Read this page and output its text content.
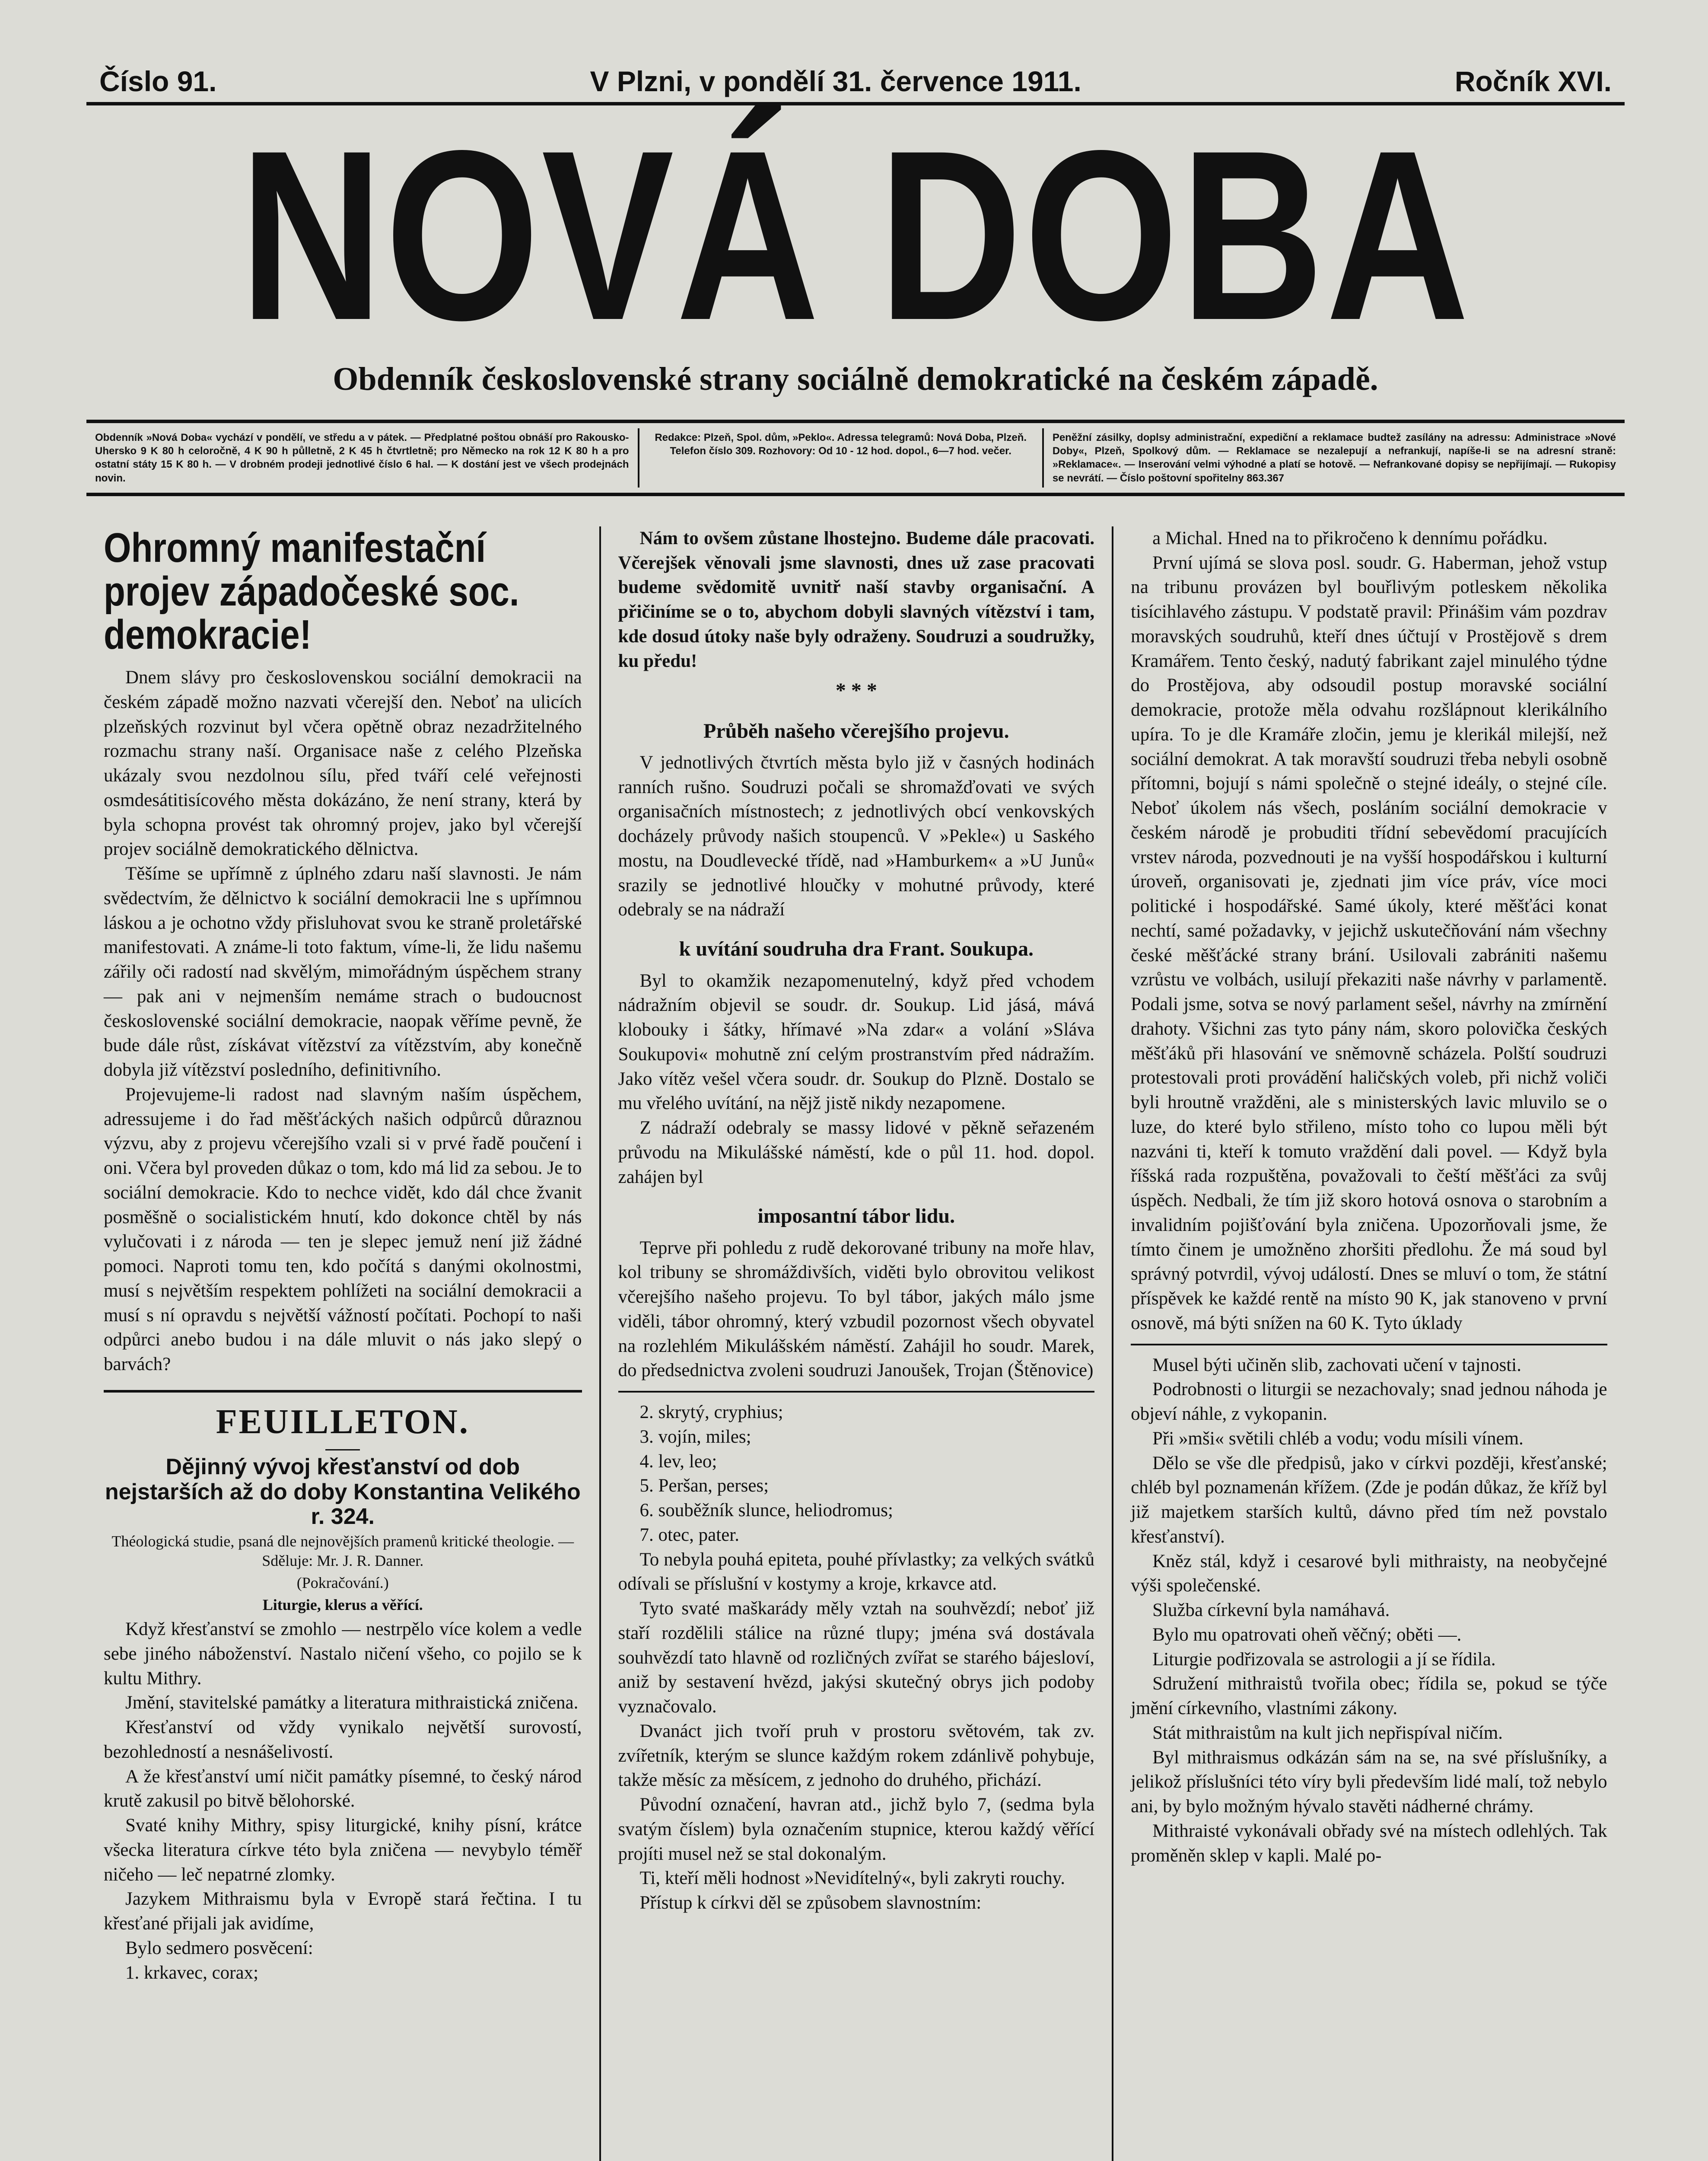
Číslo 91.	V Plzni, v pondělí 31. července 1911.	Ročník XVI.
NOVÁ DOBA
Obdenník československé strany sociálně demokratické na českém západě.
Obdenník »Nová Doba« vychází v pondělí, ve středu a v pátek. — Předplatné poštou obnáší pro Rakousko-Uhersko 9 K 80 h celoročně, 4 K 90 h půlletně, 2 K 45 h čtvrtletně; pro Německo na rok 12 K 80 h a pro ostatní státy 15 K 80 h. — V drobném prodeji jednotlivé číslo 6 hal. — K dostání jest ve všech prodejnách novin.
Redakce: Plzeň, Spol. dům, »Peklo«. Adressa telegramů: Nová Doba, Plzeň. Telefon číslo 309. Rozhovory: Od 10 - 12 hod. dopol., 6—7 hod. večer.
Peněžní zásilky, doplsy administrační, expediční a reklamace budtež zasílány na adressu: Administrace »Nové Doby«, Plzeň, Spolkový dům. — Reklamace se nezalepují a nefrankují, napíše-li se na adresní straně: »Reklamace«. — Inserování velmi výhodné a platí se hotově. — Nefrankované dopisy se nepřijímají. — Rukopisy se nevrátí. — Číslo poštovní spořitelny 863.367
Ohromný manifestační projev západočeské soc. demokracie!

Dnem slávy pro československou sociální demokracii na českém západě možno nazvati včerejší den. Neboť na ulicích plzeňských rozvinut byl včera opětně obraz nezadržitelného rozmachu strany naší. Organisace naše z celého Plzeňska ukázaly svou nezdolnou sílu, před tváří celé veřejnosti osmdesátitisícového města dokázáno, že není strany, která by byla schopna provést tak ohromný projev, jako byl včerejší projev sociálně demokratického dělnictva.

Těšíme se upřímně z úplného zdaru naší slavnosti. Je nám svědectvím, že dělnictvo k sociální demokracii lne s upřímnou láskou a je ochotno vždy přisluhovat svou ke straně proletářské manifestovati. A známe-li toto faktum, víme-li, že lidu našemu zářily oči radostí nad skvělým, mimořádným úspěchem strany — pak ani v nejmenším nemáme strach o budoucnost československé sociální demokracie, naopak věříme pevně, že bude dále růst, získávat vítězství za vítězstvím, aby konečně dobyla již vítězství posledního, definitivního.

Projevujeme-li radost nad slavným naším úspěchem, adressujeme i do řad měšťáckých našich odpůrců důraznou výzvu, aby z projevu včerejšího vzali si v prvé řadě poučení i oni. Včera byl proveden důkaz o tom, kdo má lid za sebou. Je to sociální demokracie. Kdo to nechce vidět, kdo dál chce žvanit posměšně o socialistickém hnutí, kdo dokonce chtěl by nás vylučovati i z národa — ten je slepec jemuž není již žádné pomoci. Naproti tomu ten, kdo počítá s danými okolnostmi, musí s největším respektem pohlížeti na sociální demokracii a musí s ní opravdu s největší vážností počítati. Pochopí to naši odpůrci anebo budou i na dále mluvit o nás jako slepý o barvách?

FEUILLETON.
Dějinný vývoj křesťanství od dob nejstarších až do doby Konstantina Velikého r. 324.
Théologická studie, psaná dle nejnovějších pramenů kritické theologie. — Sděluje: Mr. J. R. Danner.
(Pokračování.)
Liturgie, klerus a věřící.

Když křesťanství se zmohlo — nestrpělo více kolem a vedle sebe jiného náboženství. Nastalo ničení všeho, co pojilo se k kultu Mithry.

Jmění, stavitelské památky a literatura mithraistická zničena.

Křesťanství od vždy vynikalo největší surovostí, bezohledností a nesnášelivostí.

A že křesťanství umí ničit památky písemné, to český národ krutě zakusil po bitvě bělohorské.

Svaté knihy Mithry, spisy liturgické, knihy písní, krátce všecka literatura církve této byla zničena — nevybylo téměř ničeho — leč nepatrné zlomky.

Jazykem Mithraismu byla v Evropě stará řečtina. I tu křesťané přijali jak avidíme,

Bylo sedmero posvěcení:

1. krkavec, corax;

Nám to ovšem zůstane lhostejno. Budeme dále pracovati. Včerejšek věnovali jsme slavnosti, dnes už zase pracovati budeme svědomitě uvnitř naší stavby organisační. A přičiníme se o to, abychom dobyli slavných vítězství i tam, kde dosud útoky naše byly odraženy. Soudruzi a soudružky, ku předu!

* * *
Průběh našeho včerejšího projevu.

V jednotlivých čtvrtích města bylo již v časných hodinách ranních rušno. Soudruzi počali se shromažďovati ve svých organisačních místnostech; z jednotlivých obcí venkovských docházely průvody našich stoupenců. V »Pekle«) u Saského mostu, na Doudlevecké třídě, nad »Hamburkem« a »U Junů« srazily se jednotlivé hloučky v mohutné průvody, které odebraly se na nádraží

k uvítání soudruha dra Frant. Soukupa.

Byl to okamžik nezapomenutelný, když před vchodem nádražním objevil se soudr. dr. Soukup. Lid jásá, mává klobouky i šátky, hřímavé »Na zdar« a volání »Sláva Soukupovi« mohutně zní celým prostranstvím před nádražím. Jako vítěz vešel včera soudr. dr. Soukup do Plzně. Dostalo se mu vřelého uvítání, na nějž jistě nikdy nezapomene.

Z nádraží odebraly se massy lidové v pěkně seřazeném průvodu na Mikulášské náměstí, kde o půl 11. hod. dopol. zahájen byl

imposantní tábor lidu.

Teprve při pohledu z rudě dekorované tribuny na moře hlav, kol tribuny se shromáždivších, viděti bylo obrovitou velikost včerejšího našeho projevu. To byl tábor, jakých málo jsme viděli, tábor ohromný, který vzbudil pozornost všech obyvatel na rozlehlém Mikulášském náměstí. Zahájil ho soudr. Marek, do předsednictva zvoleni soudruzi Janoušek, Trojan (Štěnovice)

2. skrytý, cryphius;
3. vojín, miles;
4. lev, leo;
5. Peršan, perses;
6. souběžník slunce, heliodromus;
7. otec, pater.

To nebyla pouhá epiteta, pouhé přívlastky; za velkých svátků odívali se příslušní v kostymy a kroje, krkavce atd.

Tyto svaté maškarády měly vztah na souhvězdí; neboť již staří rozdělili stálice na různé tlupy; jména svá dostávala souhvězdí tato hlavně od rozličných zvířat se starého bájesloví, aniž by sestavení hvězd, jakýsi skutečný obrys jich podoby vyznačovalo.

Dvanáct jich tvoří pruh v prostoru světovém, tak zv. zvířetník, kterým se slunce každým rokem zdánlivě pohybuje, takže měsíc za měsícem, z jednoho do druhého, přichází.

Původní označení, havran atd., jichž bylo 7, (sedma byla svatým číslem) byla označením stupnice, kterou každý věřící projíti musel než se stal dokonalým.

Ti, kteří měli hodnost »Nevidítelný«, byli zakryti rouchy.

Přístup k církvi děl se způsobem slavnostním:

a Michal. Hned na to přikročeno k dennímu pořádku.

První ujímá se slova posl. soudr. G. Haberman, jehož vstup na tribunu provázen byl bouřlivým potleskem několika tisícihlavého zástupu. V podstatě pravil: Přinášim vám pozdrav moravských soudruhů, kteří dnes účtují v Prostějově s drem Kramářem. Tento český, nadutý fabrikant zajel minulého týdne do Prostějova, aby odsoudil postup moravské sociální demokracie, protože měla odvahu rozšlápnout klerikálního upíra. To je dle Kramáře zločin, jemu je klerikál milejší, než sociální demokrat. A tak moravští soudruzi třeba nebyli osobně přítomni, bojují s námi společně o stejné ideály, o stejné cíle. Neboť úkolem nás všech, posláním sociální demokracie v českém národě je probuditi třídní sebevědomí pracujících vrstev národa, pozvednouti je na vyšší hospodářskou i kulturní úroveň, organisovati je, zjednati jim více práv, více moci politické i hospodářské. Samé úkoly, které měšťáci konat nechtí, samé požadavky, v jejichž uskutečňování nám všechny české měšťácké strany brání. Usilovali zabrániti našemu vzrůstu ve volbách, usilují překaziti naše návrhy v parlamentě. Podali jsme, sotva se nový parlament sešel, návrhy na zmírnění drahoty. Všichni zas tyto pány nám, skoro polovička českých měšťáků při hlasování ve sněmovně scházela. Polští soudruzi protestovali proti provádění haličských voleb, při nichž voliči byli hroutně vražděni, ale s ministerských lavic mluvilo se o luze, do které bylo střileno, místo toho co lupou měli být nazváni ti, kteří k tomuto vraždění dali povel. — Když byla říšská rada rozpuštěna, považovali to čeští měšťáci za svůj úspěch. Nedbali, že tím již skoro hotová osnova o starobním a invalidním pojišťování byla zničena. Upozorňovali jsme, že tímto činem je umožněno zhoršiti předlohu. Že má soud byl správný potvrdil, vývoj událostí. Dnes se mluví o tom, že státní příspěvek ke každé rentě na místo 90 K, jak stanoveno v první osnově, má býti snížen na 60 K. Tyto úklady

Musel býti učiněn slib, zachovati učení v tajnosti.

Podrobnosti o liturgii se nezachovaly; snad jednou náhoda je objeví náhle, z vykopanin.

Při »mši« světili chléb a vodu; vodu mísili vínem.

Dělo se vše dle předpisů, jako v církvi později, křesťanské; chléb byl poznamenán křížem. (Zde je podán důkaz, že kříž byl již majetkem starších kultů, dávno před tím než povstalo křesťanství).

Kněz stál, když i cesarové byli mithraisty, na neobyčejné výši společenské.

Služba církevní byla namáhavá.

Bylo mu opatrovati oheň věčný; oběti —.

Liturgie podřizovala se astrologii a jí se řídila.

Sdružení mithraistů tvořila obec; řídila se, pokud se týče jmění církevního, vlastními zákony.

Stát mithraistům na kult jich nepřispíval ničím.

Byl mithraismus odkázán sám na se, na své příslušníky, a jelikož příslušníci této víry byli především lidé malí, tož nebylo ani, by bylo možným hývalo stavěti nádherné chrámy.

Mithraisté vykonávali obřady své na místech odlehlých. Tak proměněn sklep v kapli. Malé po-
